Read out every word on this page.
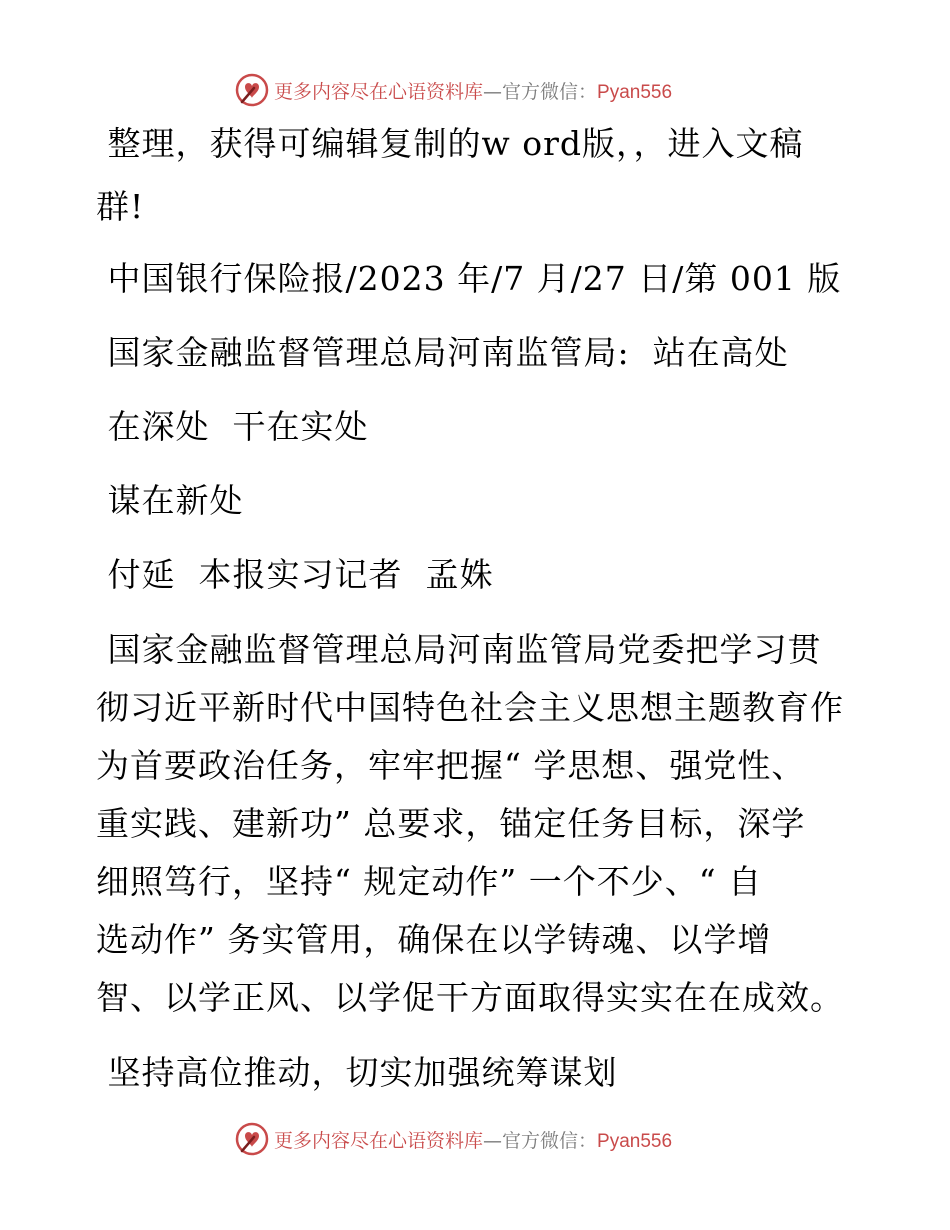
更多内容尽在心语资料库—官方微信：Pyan556
整理，获得可编辑复制的w ord版，，进入文稿
群!
中国银行保险报/2023 年/7 月/27 日/第 001 版
国家金融监督管理总局河南监管局:  站在高处
在深处  干在实处
谋在新处
付延  本报实习记者  孟姝
国家金融监督管理总局河南监管局党委把学习贯
彻习近平新时代中国特色社会主义思想主题教育作
为首要政治任务，牢牢把握“ 学思想、强党性、
重实践、建新功” 总要求，锚定任务目标，深学
细照笃行，坚持“ 规定动作” 一个不少、“ 自
选动作” 务实管用，确保在以学铸魂、以学增
智、以学正风、以学促干方面取得实实在在成效。
坚持高位推动，切实加强统筹谋划
更多内容尽在心语资料库—官方微信：Pyan556
